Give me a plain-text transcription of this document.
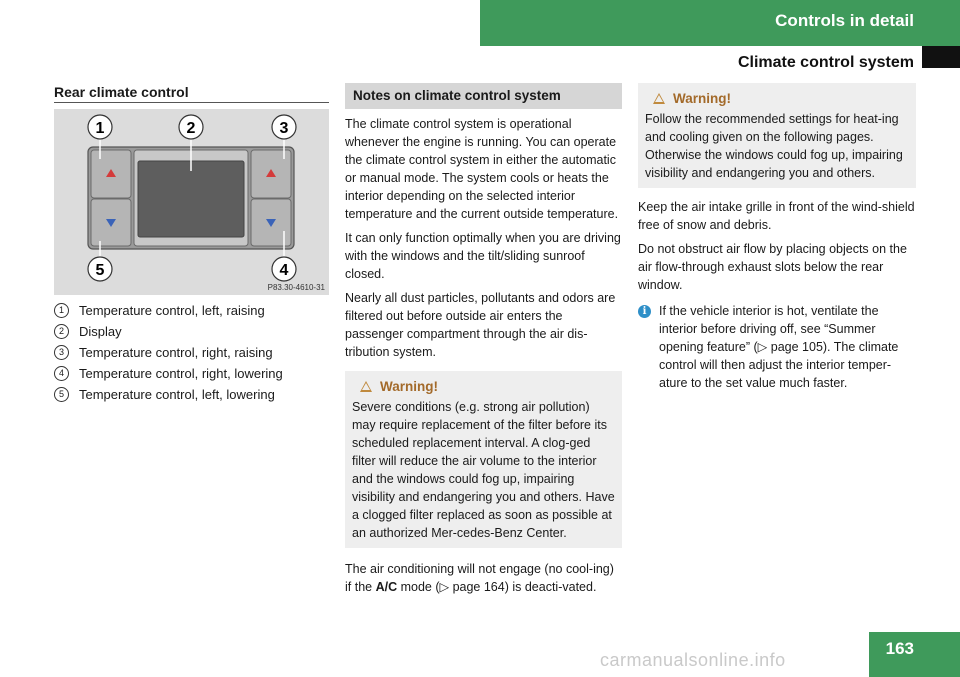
Controls in detail
Climate control system
Rear climate control
1	2	3
4
5
P83.30-4610-31
1	Temperature control, left, raising
2	Display
3	Temperature control, right, raising
4	Temperature control, right, lowering
5	Temperature control, left, lowering
Notes on climate control system

The climate control system is operational whenever the engine is running. You can operate the climate control system in either the automatic or manual mode. The system cools or heats the interior depending on the selected interior temperature and the current outside temperature.

It can only function optimally when you are driving with the windows and the tilt/sliding sunroof closed.

Nearly all dust particles, pollutants and odors are filtered out before outside air enters the passenger compartment through the air dis-tribution system.

Warning!
Severe conditions (e.g. strong air pollution) may require replacement of the filter before its scheduled replacement interval. A clog-ged filter will reduce the air volume to the interior and the windows could fog up, impairing visibility and endangering you and others. Have a clogged filter replaced as soon as possible at an authorized Mer-cedes-Benz Center.

The air conditioning will not engage (no cool-ing) if the A/C mode (▷ page 164) is deacti-vated.

Warning!
Follow the recommended settings for heat-ing and cooling given on the following pages. Otherwise the windows could fog up, impairing visibility and endangering you and others.

Keep the air intake grille in front of the wind-shield free of snow and debris.

Do not obstruct air flow by placing objects on the air flow-through exhaust slots below the rear window.

i	If the vehicle interior is hot, ventilate the interior before driving off, see “Summer opening feature” (▷ page 105). The climate control will then adjust the interior temper-ature to the set value much faster.
163
carmanualsonline.info
